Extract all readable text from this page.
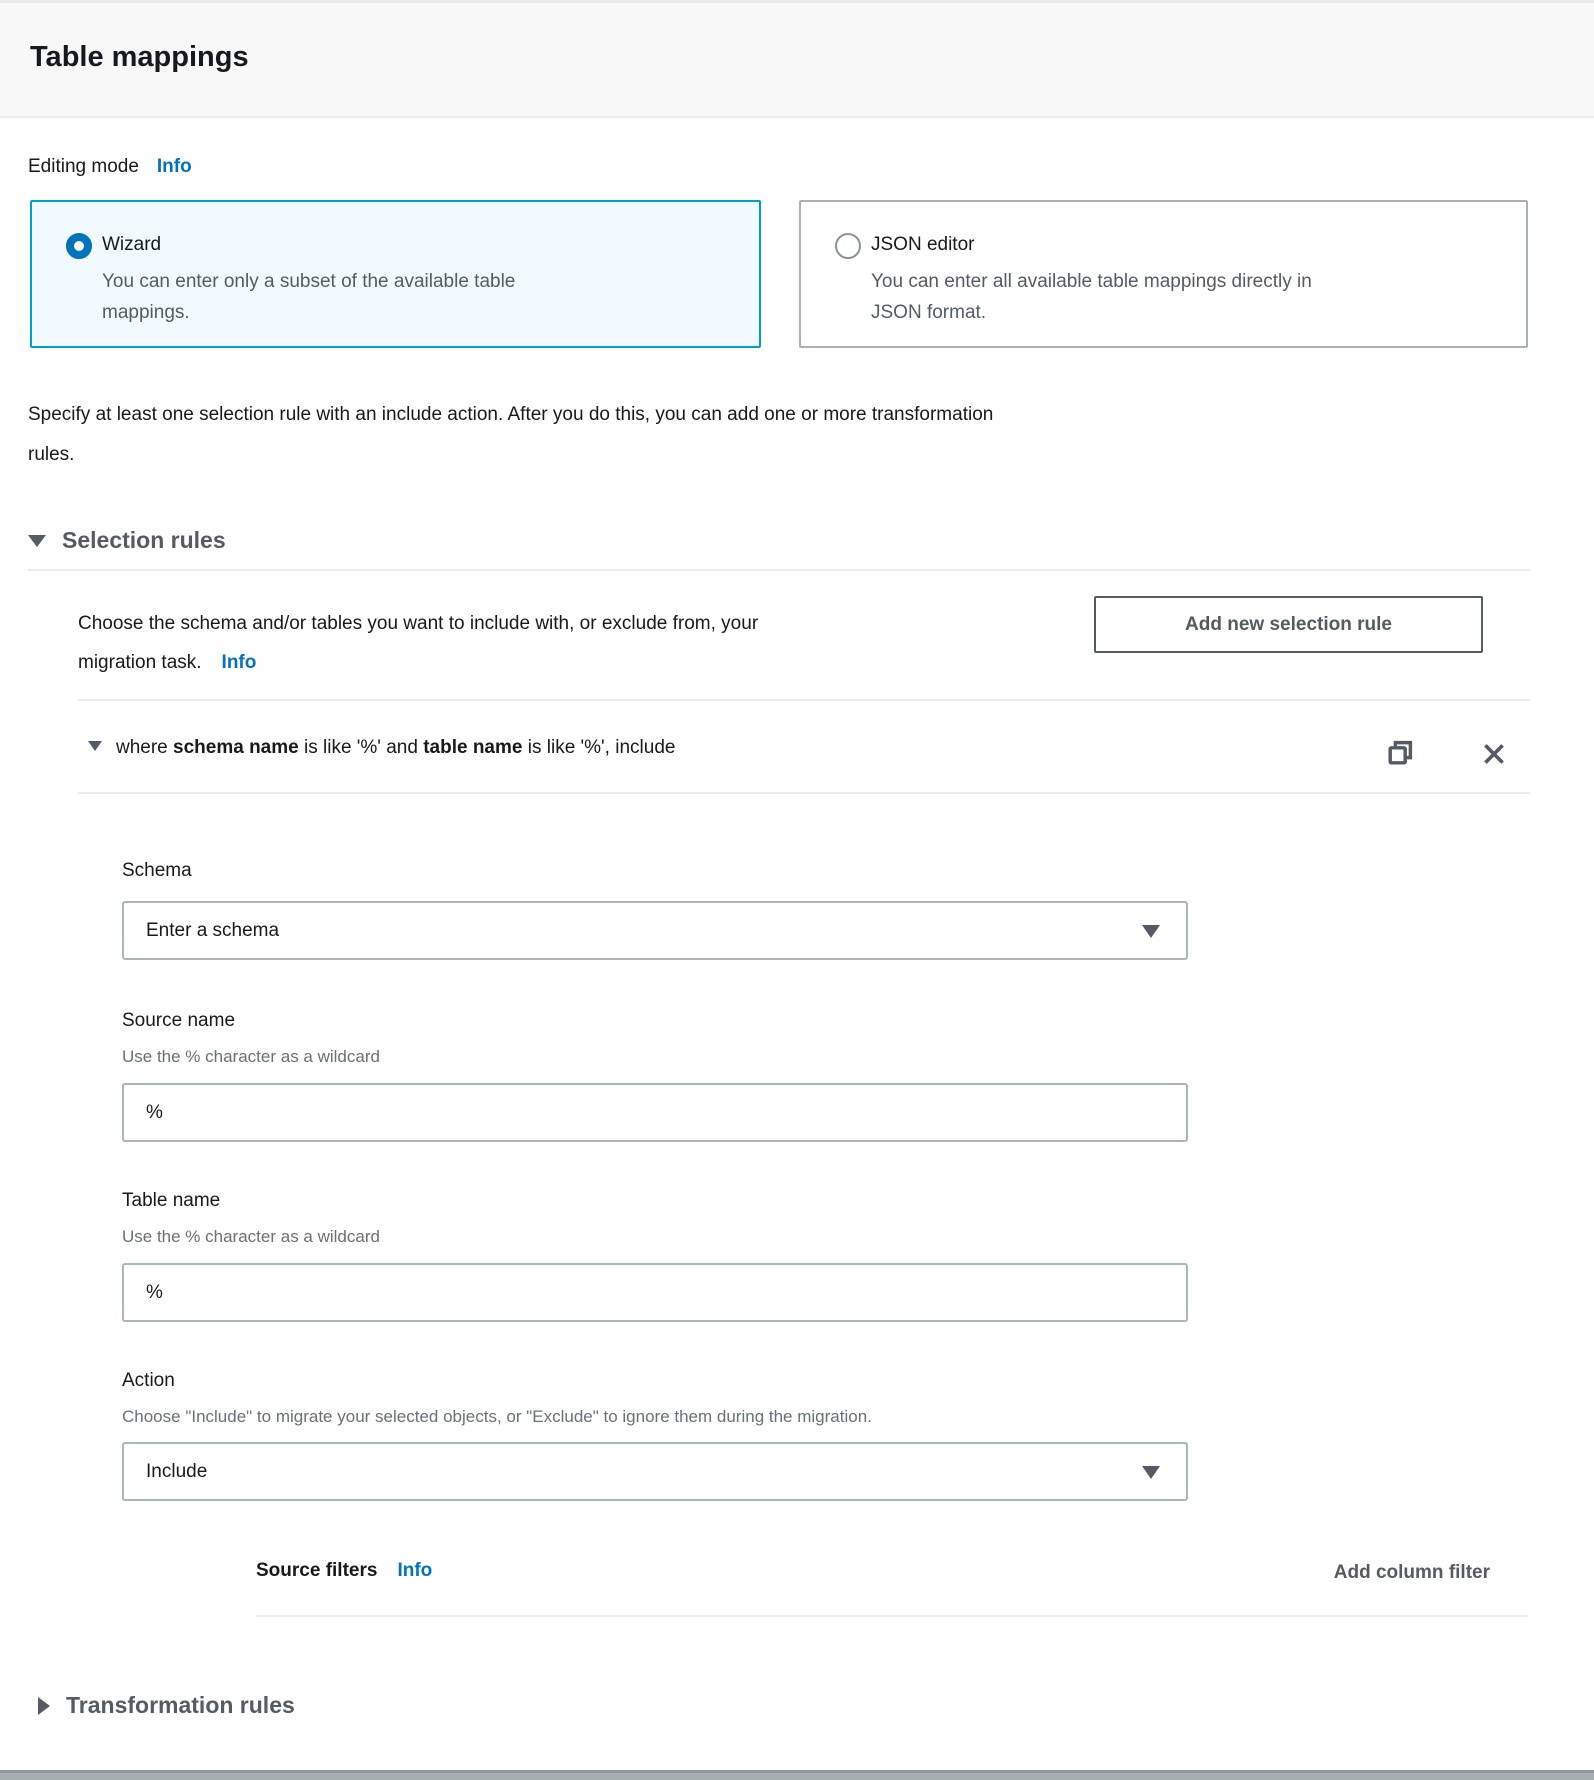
Table mappings
Editing mode Info
Wizard
You can enter only a subset of the available table
mappings.
JSON editor
You can enter all available table mappings directly in
JSON format.
Specify at least one selection rule with an include action. After you do this, you can add one or more transformation
rules.
Selection rules
Choose the schema and/or tables you want to include with, or exclude from, your
migration task. Info
Add new selection rule
where schema name is like '%' and table name is like '%', include
Schema
Enter a schema
Source name
Use the % character as a wildcard
%
Table name
Use the % character as a wildcard
%
Action
Choose "Include" to migrate your selected objects, or "Exclude" to ignore them during the migration.
Include
Source filters Info	Add column filter
Transformation rules
